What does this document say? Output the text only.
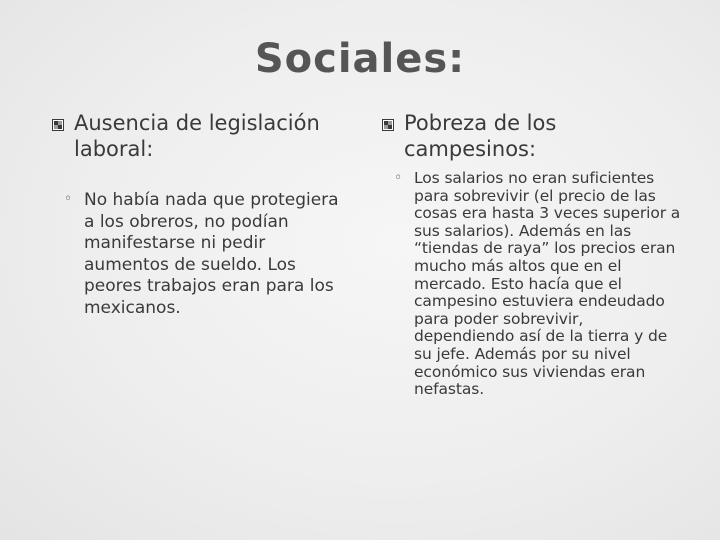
Sociales:
Ausencia de legislación laboral:
◦ No había nada que protegiera a los obreros, no podían manifestarse ni pedir aumentos de sueldo. Los peores trabajos eran para los mexicanos.
Pobreza de los campesinos:
◦ Los salarios no eran suficientes para sobrevivir (el precio de las cosas era hasta 3 veces superior a sus salarios). Además en las “tiendas de raya” los precios eran mucho más altos que en el mercado. Esto hacía que el campesino estuviera endeudado para poder sobrevivir, dependiendo así de la tierra y de su jefe. Además por su nivel económico sus viviendas eran nefastas.
